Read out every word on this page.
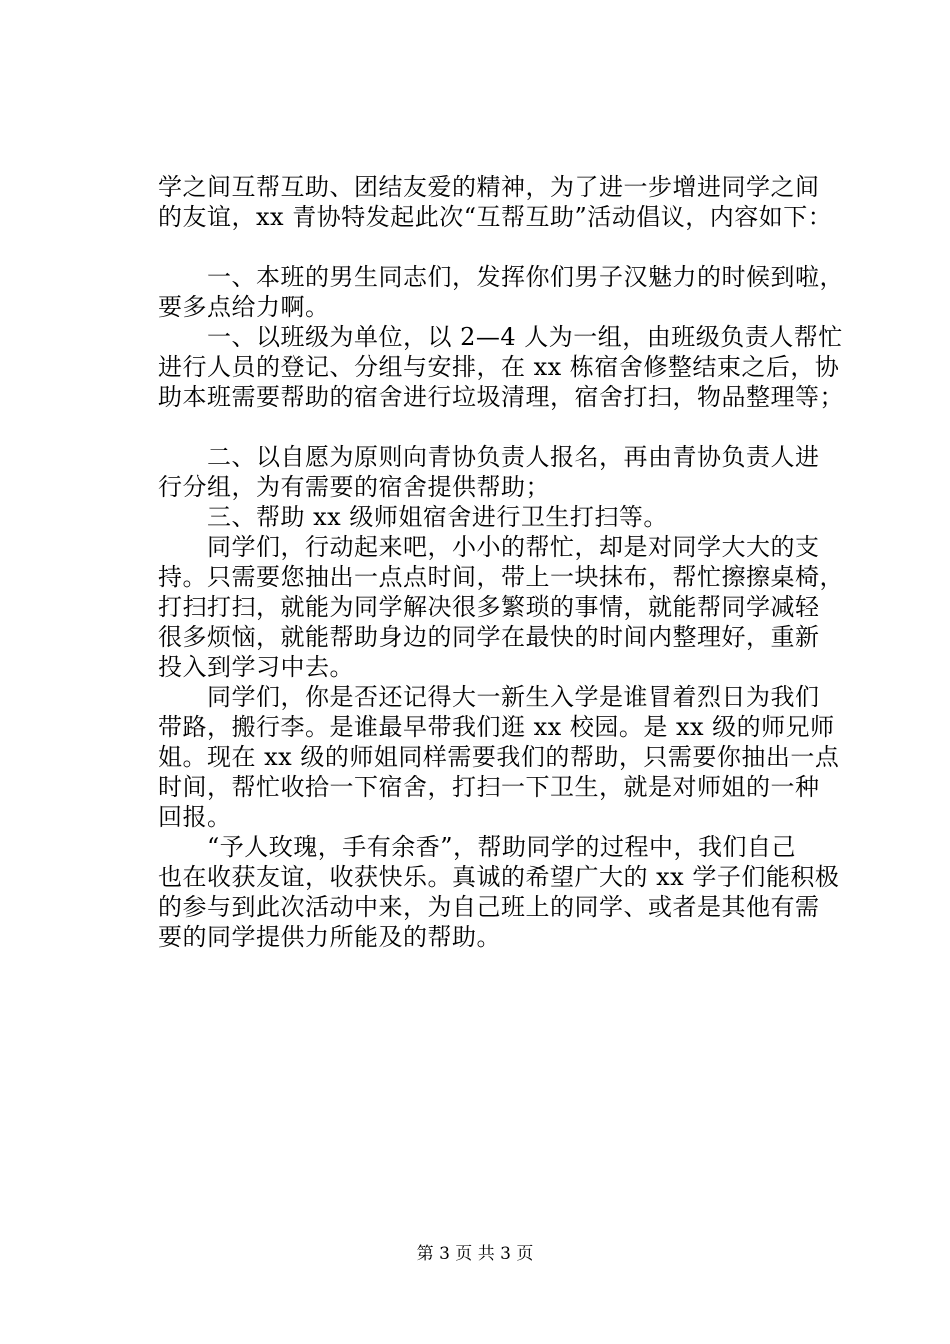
学之间互帮互助、团结友爱的精神，为了进一步增进同学之间
的友谊，xx 青协特发起此次“互帮互助”活动倡议，内容如下：
　　一、本班的男生同志们，发挥你们男子汉魅力的时候到啦，
要多点给力啊。
　　一、以班级为单位，以 2—4 人为一组，由班级负责人帮忙
进行人员的登记、分组与安排，在 xx 栋宿舍修整结束之后，协
助本班需要帮助的宿舍进行垃圾清理，宿舍打扫，物品整理等；
　　二、以自愿为原则向青协负责人报名，再由青协负责人进
行分组，为有需要的宿舍提供帮助；
　　三、帮助 xx 级师姐宿舍进行卫生打扫等。
　　同学们，行动起来吧，小小的帮忙，却是对同学大大的支
持。只需要您抽出一点点时间，带上一块抹布，帮忙擦擦桌椅，
打扫打扫，就能为同学解决很多繁琐的事情，就能帮同学减轻
很多烦恼，就能帮助身边的同学在最快的时间内整理好，重新
投入到学习中去。
　　同学们，你是否还记得大一新生入学是谁冒着烈日为我们
带路，搬行李。是谁最早带我们逛 xx 校园。是 xx 级的师兄师
姐。现在 xx 级的师姐同样需要我们的帮助，只需要你抽出一点
时间，帮忙收拾一下宿舍，打扫一下卫生，就是对师姐的一种
回报。
　　“予人玫瑰，手有余香”，帮助同学的过程中，我们自己
也在收获友谊，收获快乐。真诚的希望广大的 xx 学子们能积极
的参与到此次活动中来，为自己班上的同学、或者是其他有需
要的同学提供力所能及的帮助。
第 3 页 共 3 页
